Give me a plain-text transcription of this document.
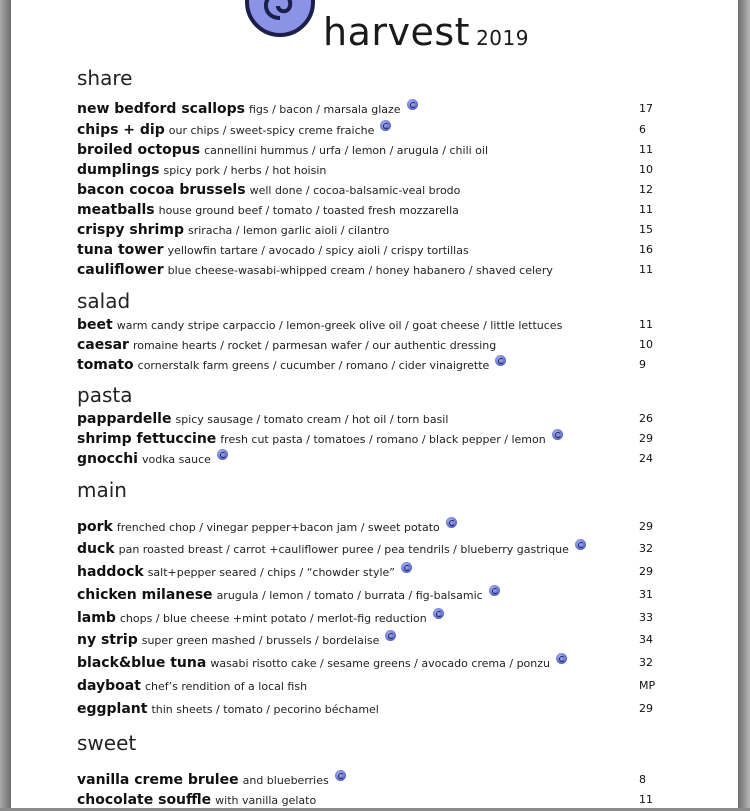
harvest 2019
share
new bedford scallops figs / bacon / marsala glaze	17
chips + dip our chips / sweet-spicy creme fraiche	6
broiled octopus cannellini hummus / urfa / lemon / arugula / chili oil	11
dumplings spicy pork / herbs / hot hoisin	10
bacon cocoa brussels well done / cocoa-balsamic-veal brodo	12
meatballs house ground beef / tomato / toasted fresh mozzarella	11
crispy shrimp sriracha / lemon garlic aioli / cilantro	15
tuna tower yellowfin tartare / avocado / spicy aioli / crispy tortillas	16
cauliflower blue cheese-wasabi-whipped cream / honey habanero / shaved celery	11
salad
beet warm candy stripe carpaccio / lemon-greek olive oil / goat cheese / little lettuces	11
caesar romaine hearts / rocket / parmesan wafer / our authentic dressing	10
tomato cornerstalk farm greens / cucumber / romano / cider vinaigrette	9
pasta
pappardelle spicy sausage / tomato cream / hot oil / torn basil	26
shrimp fettuccine fresh cut pasta / tomatoes / romano / black pepper / lemon	29
gnocchi vodka sauce	24
main
pork frenched chop / vinegar pepper+bacon jam / sweet potato	29
duck pan roasted breast / carrot +cauliflower puree / pea tendrils / blueberry gastrique	32
haddock salt+pepper seared / chips / “chowder style”	29
chicken milanese arugula / lemon / tomato / burrata / fig-balsamic	31
lamb chops / blue cheese +mint potato / merlot-fig reduction	33
ny strip super green mashed / brussels / bordelaise	34
black&blue tuna wasabi risotto cake / sesame greens / avocado crema / ponzu	32
dayboat chef’s rendition of a local fish	MP
eggplant thin sheets / tomato / pecorino béchamel	29
sweet
vanilla creme brulee and blueberries	8
chocolate souffle with vanilla gelato	11
